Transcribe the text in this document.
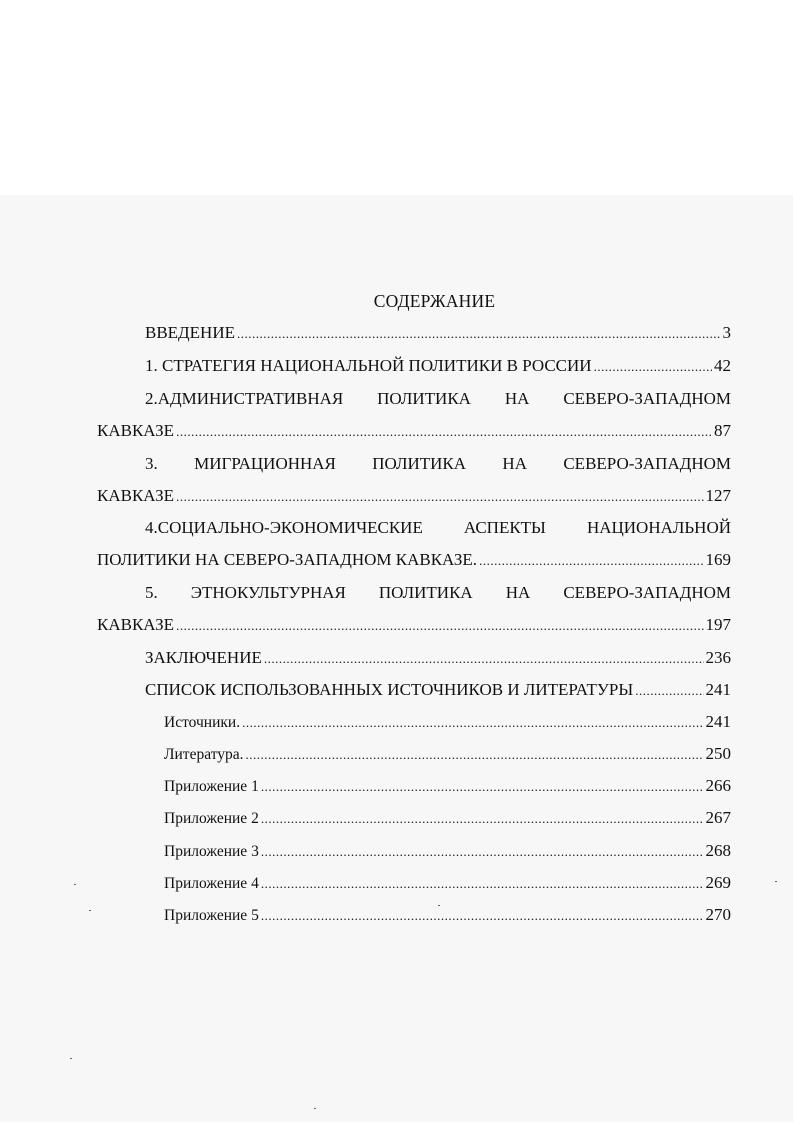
СОДЕРЖАНИЕ
ВВЕДЕНИЕ .....	3
1. СТРАТЕГИЯ НАЦИОНАЛЬНОЙ ПОЛИТИКИ В РОССИИ .....	42
2.АДМИНИСТРАТИВНАЯ ПОЛИТИКА НА СЕВЕРО-ЗАПАДНОМ
КАВКАЗЕ .....	87
3. МИГРАЦИОННАЯ ПОЛИТИКА НА СЕВЕРО-ЗАПАДНОМ
КАВКАЗЕ .....	127
4.СОЦИАЛЬНО-ЭКОНОМИЧЕСКИЕ АСПЕКТЫ НАЦИОНАЛЬНОЙ
ПОЛИТИКИ НА СЕВЕРО-ЗАПАДНОМ КАВКАЗЕ. .....	169
5. ЭТНОКУЛЬТУРНАЯ ПОЛИТИКА НА СЕВЕРО-ЗАПАДНОМ
КАВКАЗЕ .....	197
ЗАКЛЮЧЕНИЕ .....	236
СПИСОК ИСПОЛЬЗОВАННЫХ ИСТОЧНИКОВ И ЛИТЕРАТУРЫ .....	241
Источники. .....	241
Литература. .....	250
Приложение 1 .....	266
Приложение 2 .....	267
Приложение 3 .....	268
Приложение 4 .....	269
Приложение 5 .....	270
